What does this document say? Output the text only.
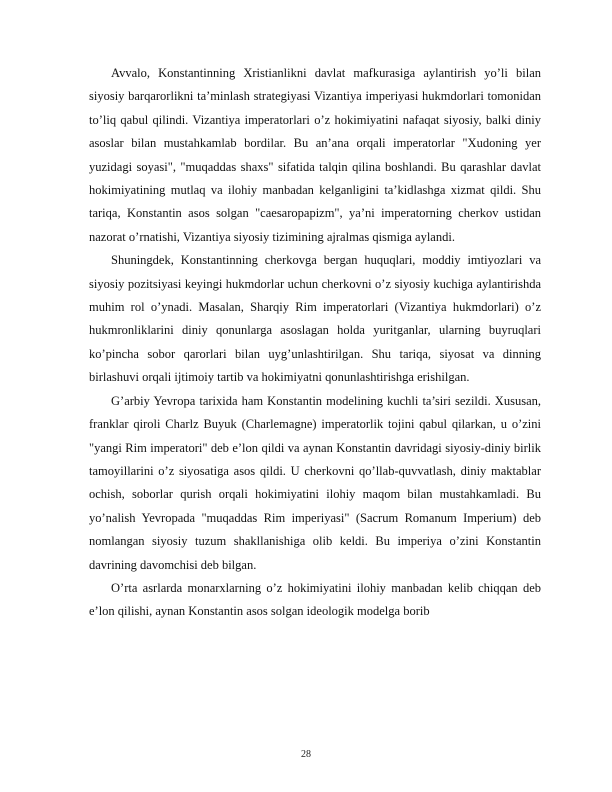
Avvalo, Konstantinning Xristianlikni davlat mafkurasiga aylantirish yo’li bilan siyosiy barqarorlikni ta’minlash strategiyasi Vizantiya imperiyasi hukmdorlari tomonidan to’liq qabul qilindi. Vizantiya imperatorlari o’z hokimiyatini nafaqat siyosiy, balki diniy asoslar bilan mustahkamlab bordilar. Bu an’ana orqali imperatorlar "Xudoning yer yuzidagi soyasi", "muqaddas shaxs" sifatida talqin qilina boshlandi. Bu qarashlar davlat hokimiyatining mutlaq va ilohiy manbadan kelganligini ta’kidlashga xizmat qildi. Shu tariqa, Konstantin asos solgan "caesaropapizm", ya’ni imperatorning cherkov ustidan nazorat o’rnatishi, Vizantiya siyosiy tizimining ajralmas qismiga aylandi.

Shuningdek, Konstantinning cherkovga bergan huquqlari, moddiy imtiyozlari va siyosiy pozitsiyasi keyingi hukmdorlar uchun cherkovni o’z siyosiy kuchiga aylantirishda muhim rol o’ynadi. Masalan, Sharqiy Rim imperatorlari (Vizantiya hukmdorlari) o’z hukmronliklarini diniy qonunlarga asoslagan holda yuritganlar, ularning buyruqlari ko’pincha sobor qarorlari bilan uyg’unlashtirilgan. Shu tariqa, siyosat va dinning birlashuvi orqali ijtimoiy tartib va hokimiyatni qonunlashtirishga erishilgan.

G’arbiy Yevropa tarixida ham Konstantin modelining kuchli ta’siri sezildi. Xususan, franklar qiroli Charlz Buyuk (Charlemagne) imperatorlik tojini qabul qilarkan, u o’zini "yangi Rim imperatori" deb e’lon qildi va aynan Konstantin davridagi siyosiy-diniy birlik tamoyillarini o’z siyosatiga asos qildi. U cherkovni qo’llab-quvvatlash, diniy maktablar ochish, soborlar qurish orqali hokimiyatini ilohiy maqom bilan mustahkamladi. Bu yo’nalish Yevropada "muqaddas Rim imperiyasi" (Sacrum Romanum Imperium) deb nomlangan siyosiy tuzum shakllanishiga olib keldi. Bu imperiya o’zini Konstantin davrining davomchisi deb bilgan.

O’rta asrlarda monarxlarning o’z hokimiyatini ilohiy manbadan kelib chiqqan deb e’lon qilishi, aynan Konstantin asos solgan ideologik modelga borib

28
